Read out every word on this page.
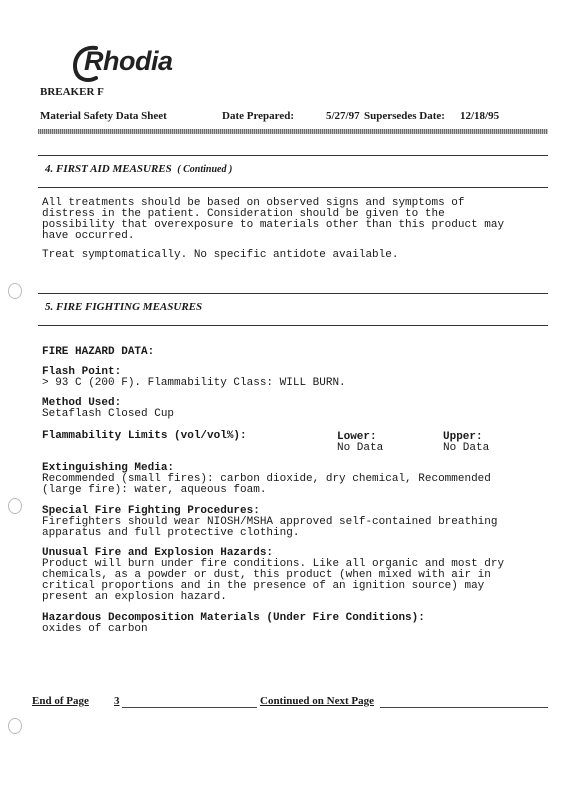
Rhodia
BREAKER F
Material Safety Data Sheet	Date Prepared:	5/27/97 Supersedes Date: 12/18/95
4. FIRST AID MEASURES ( Continued )
All treatments should be based on observed signs and symptoms of
distress in the patient. Consideration should be given to the
possibility that overexposure to materials other than this product may
have occurred.
Treat symptomatically. No specific antidote available.
5. FIRE FIGHTING MEASURES
FIRE HAZARD DATA:
Flash Point:
> 93 C (200 F). Flammability Class: WILL BURN.
Method Used:
Setaflash Closed Cup
Flammability Limits (vol/vol%):	Lower:
No Data
Upper:
No Data
Extinguishing Media:
Recommended (small fires): carbon dioxide, dry chemical, Recommended
(large fire): water, aqueous foam.
Special Fire Fighting Procedures:
Firefighters should wear NIOSH/MSHA approved self-contained breathing
apparatus and full protective clothing.
Unusual Fire and Explosion Hazards:
Product will burn under fire conditions. Like all organic and most dry
chemicals, as a powder or dust, this product (when mixed with air in
critical proportions and in the presence of an ignition source) may
present an explosion hazard.
Hazardous Decomposition Materials (Under Fire Conditions):
oxides of carbon
End of Page 3	Continued on Next Page
